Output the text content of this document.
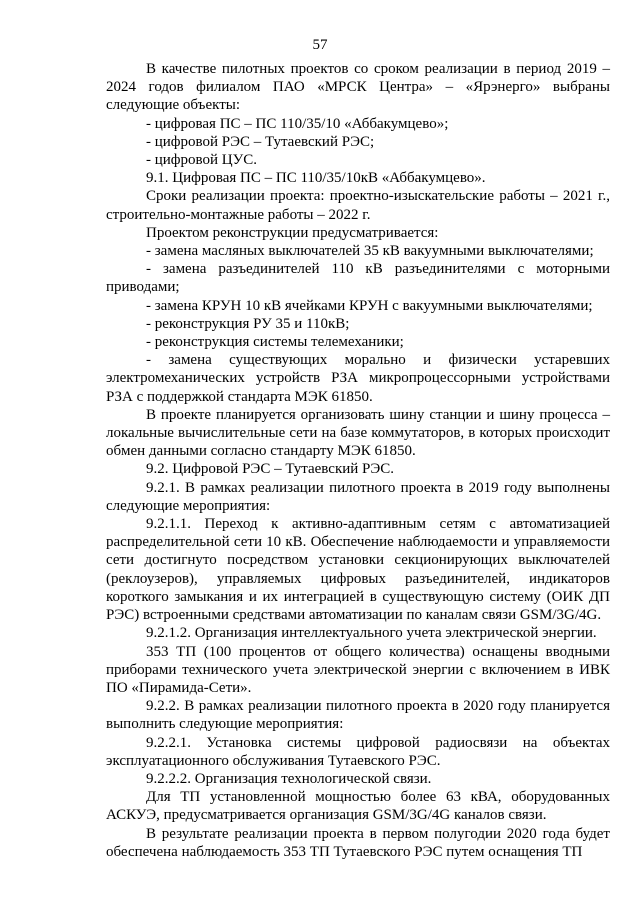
57

В качестве пилотных проектов со сроком реализации в период 2019 – 2024 годов филиалом ПАО «МРСК Центра» – «Ярэнерго» выбраны следующие объекты:

- цифровая ПС – ПС 110/35/10 «Аббакумцево»;

- цифровой РЭС – Тутаевский РЭС;

- цифровой ЦУС.

9.1. Цифровая ПС – ПС 110/35/10кВ «Аббакумцево».

Сроки реализации проекта: проектно-изыскательские работы – 2021 г., строительно-монтажные работы – 2022 г.

Проектом реконструкции предусматривается:

- замена масляных выключателей 35 кВ вакуумными выключателями;

- замена разъединителей 110 кВ разъединителями с моторными приводами;

- замена КРУН 10 кВ ячейками КРУН с вакуумными выключателями;

- реконструкция РУ 35 и 110кВ;

- реконструкция системы телемеханики;

- замена существующих морально и физически устаревших электромеханических устройств РЗА микропроцессорными устройствами РЗА с поддержкой стандарта МЭК 61850.

В проекте планируется организовать шину станции и шину процесса – локальные вычислительные сети на базе коммутаторов, в которых происходит обмен данными согласно стандарту МЭК 61850.

9.2. Цифровой РЭС – Тутаевский РЭС.

9.2.1. В рамках реализации пилотного проекта в 2019 году выполнены следующие мероприятия:

9.2.1.1. Переход к активно-адаптивным сетям с автоматизацией распределительной сети 10 кВ. Обеспечение наблюдаемости и управляемости сети достигнуто посредством установки секционирующих выключателей (реклоузеров), управляемых цифровых разъединителей, индикаторов короткого замыкания и их интеграцией в существующую систему (ОИК ДП РЭС) встроенными средствами автоматизации по каналам связи GSM/3G/4G.

9.2.1.2. Организация интеллектуального учета электрической энергии.

353 ТП (100 процентов от общего количества) оснащены вводными приборами технического учета электрической энергии с включением в ИВК ПО «Пирамида-Сети».

9.2.2. В рамках реализации пилотного проекта в 2020 году планируется выполнить следующие мероприятия:

9.2.2.1. Установка системы цифровой радиосвязи на объектах эксплуатационного обслуживания Тутаевского РЭС.

9.2.2.2. Организация технологической связи.

Для ТП установленной мощностью более 63 кВА, оборудованных АСКУЭ, предусматривается организация GSM/3G/4G каналов связи.

В результате реализации проекта в первом полугодии 2020 года будет обеспечена наблюдаемость 353 ТП Тутаевского РЭС путем оснащения ТП
